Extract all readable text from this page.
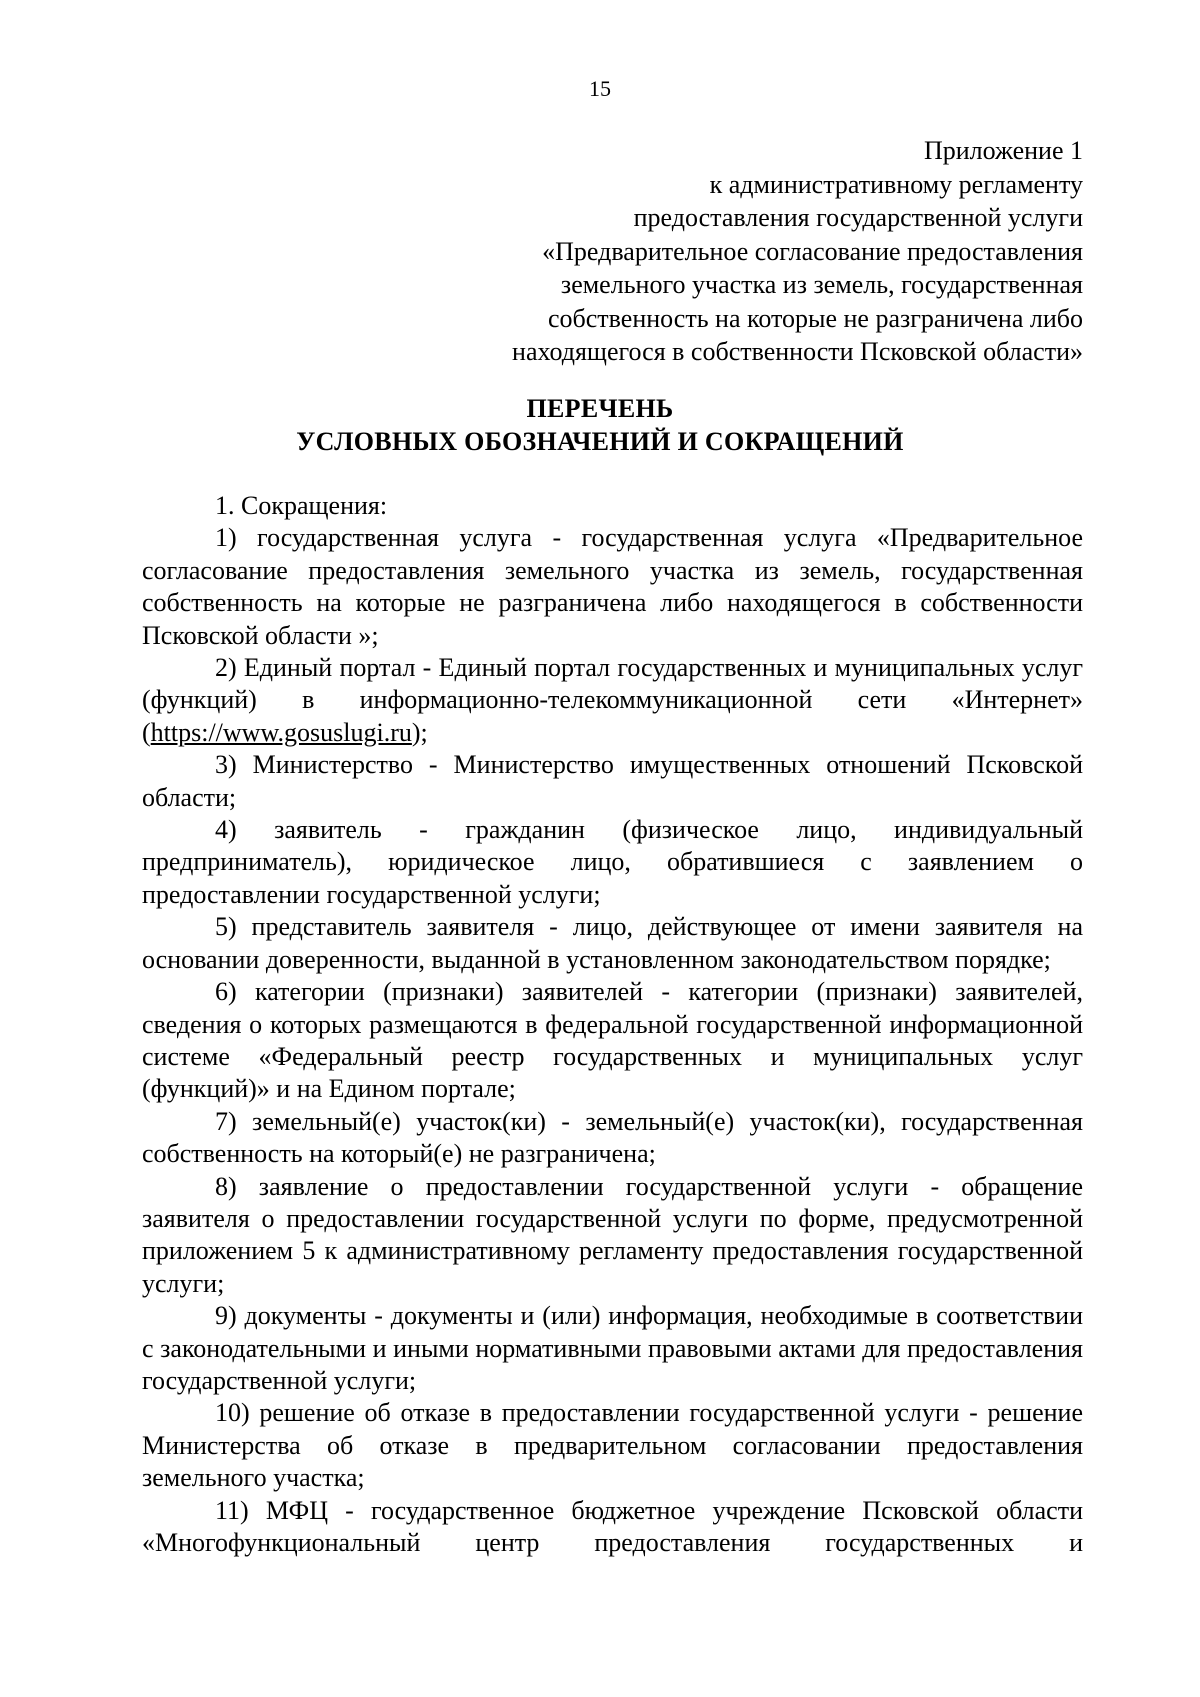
15
Приложение 1
к административному регламенту
предоставления государственной услуги
«Предварительное согласование предоставления
земельного участка из земель, государственная
собственность на которые не разграничена либо
находящегося в собственности Псковской области»
ПЕРЕЧЕНЬ
УСЛОВНЫХ ОБОЗНАЧЕНИЙ И СОКРАЩЕНИЙ

1. Сокращения:

1) государственная услуга - государственная услуга «Предварительное согласование предоставления земельного участка из земель, государственная собственность на которые не разграничена либо находящегося в собственности Псковской области »;

2) Единый портал - Единый портал государственных и муниципальных услуг (функций) в информационно-телекоммуникационной сети «Интернет» (https://www.gosuslugi.ru);

3) Министерство - Министерство имущественных отношений Псковской области;

4) заявитель - гражданин (физическое лицо, индивидуальный предприниматель), юридическое лицо, обратившиеся с заявлением о предоставлении государственной услуги;

5) представитель заявителя - лицо, действующее от имени заявителя на основании доверенности, выданной в установленном законодательством порядке;

6) категории (признаки) заявителей - категории (признаки) заявителей, сведения о которых размещаются в федеральной государственной информационной системе «Федеральный реестр государственных и муниципальных услуг (функций)» и на Едином портале;

7) земельный(е) участок(ки) - земельный(е) участок(ки), государственная собственность на который(е) не разграничена;

8) заявление о предоставлении государственной услуги - обращение заявителя о предоставлении государственной услуги по форме, предусмотренной приложением 5 к административному регламенту предоставления государственной услуги;

9) документы - документы и (или) информация, необходимые в соответствии с законодательными и иными нормативными правовыми актами для предоставления государственной услуги;

10) решение об отказе в предоставлении государственной услуги - решение Министерства об отказе в предварительном согласовании предоставления земельного участка;

11) МФЦ - государственное бюджетное учреждение Псковской области «Многофункциональный центр предоставления государственных и
